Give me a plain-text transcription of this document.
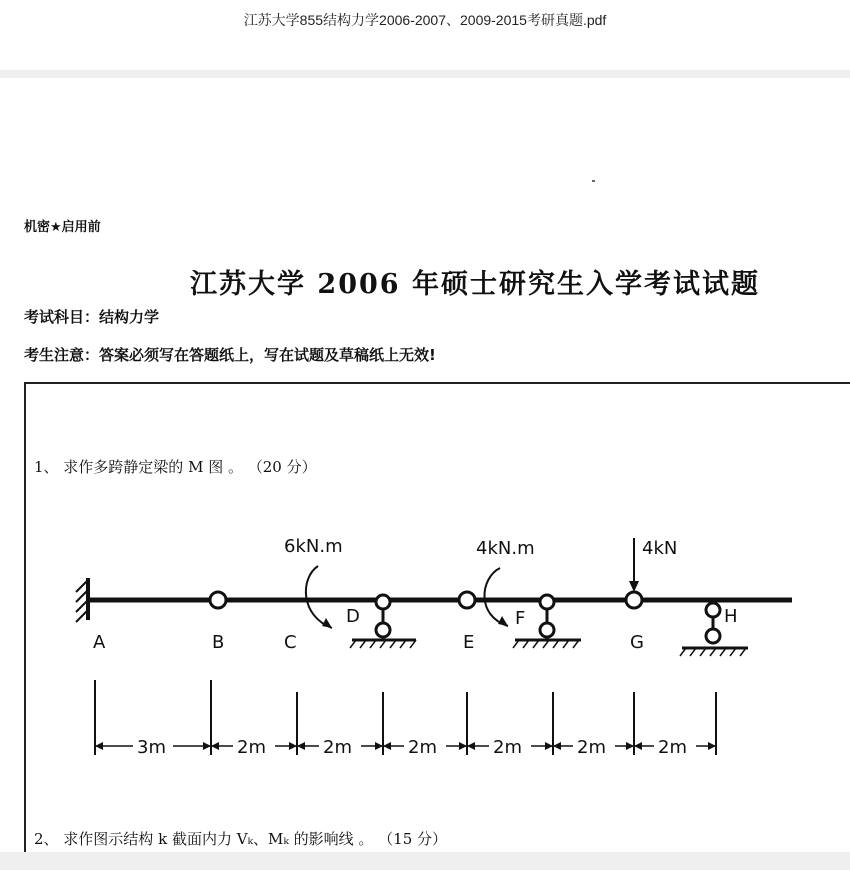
江苏大学855结构力学2006-2007、2009-2015考研真题.pdf
机密★启用前
江苏大学 2006 年硕士研究生入学考试试题
考试科目：结构力学
考生注意：答案必须写在答题纸上，写在试题及草稿纸上无效!
1、 求作多跨静定梁的 M 图 。 （20 分）
6kN.m	4kN.m	4kN
A	B	C
D
E
F
G
H
3m	2m	2m	2m	2m	2m	2m
2、 求作图示结构 k 截面内力 Vₖ、Mₖ 的影响线 。 （15 分）
